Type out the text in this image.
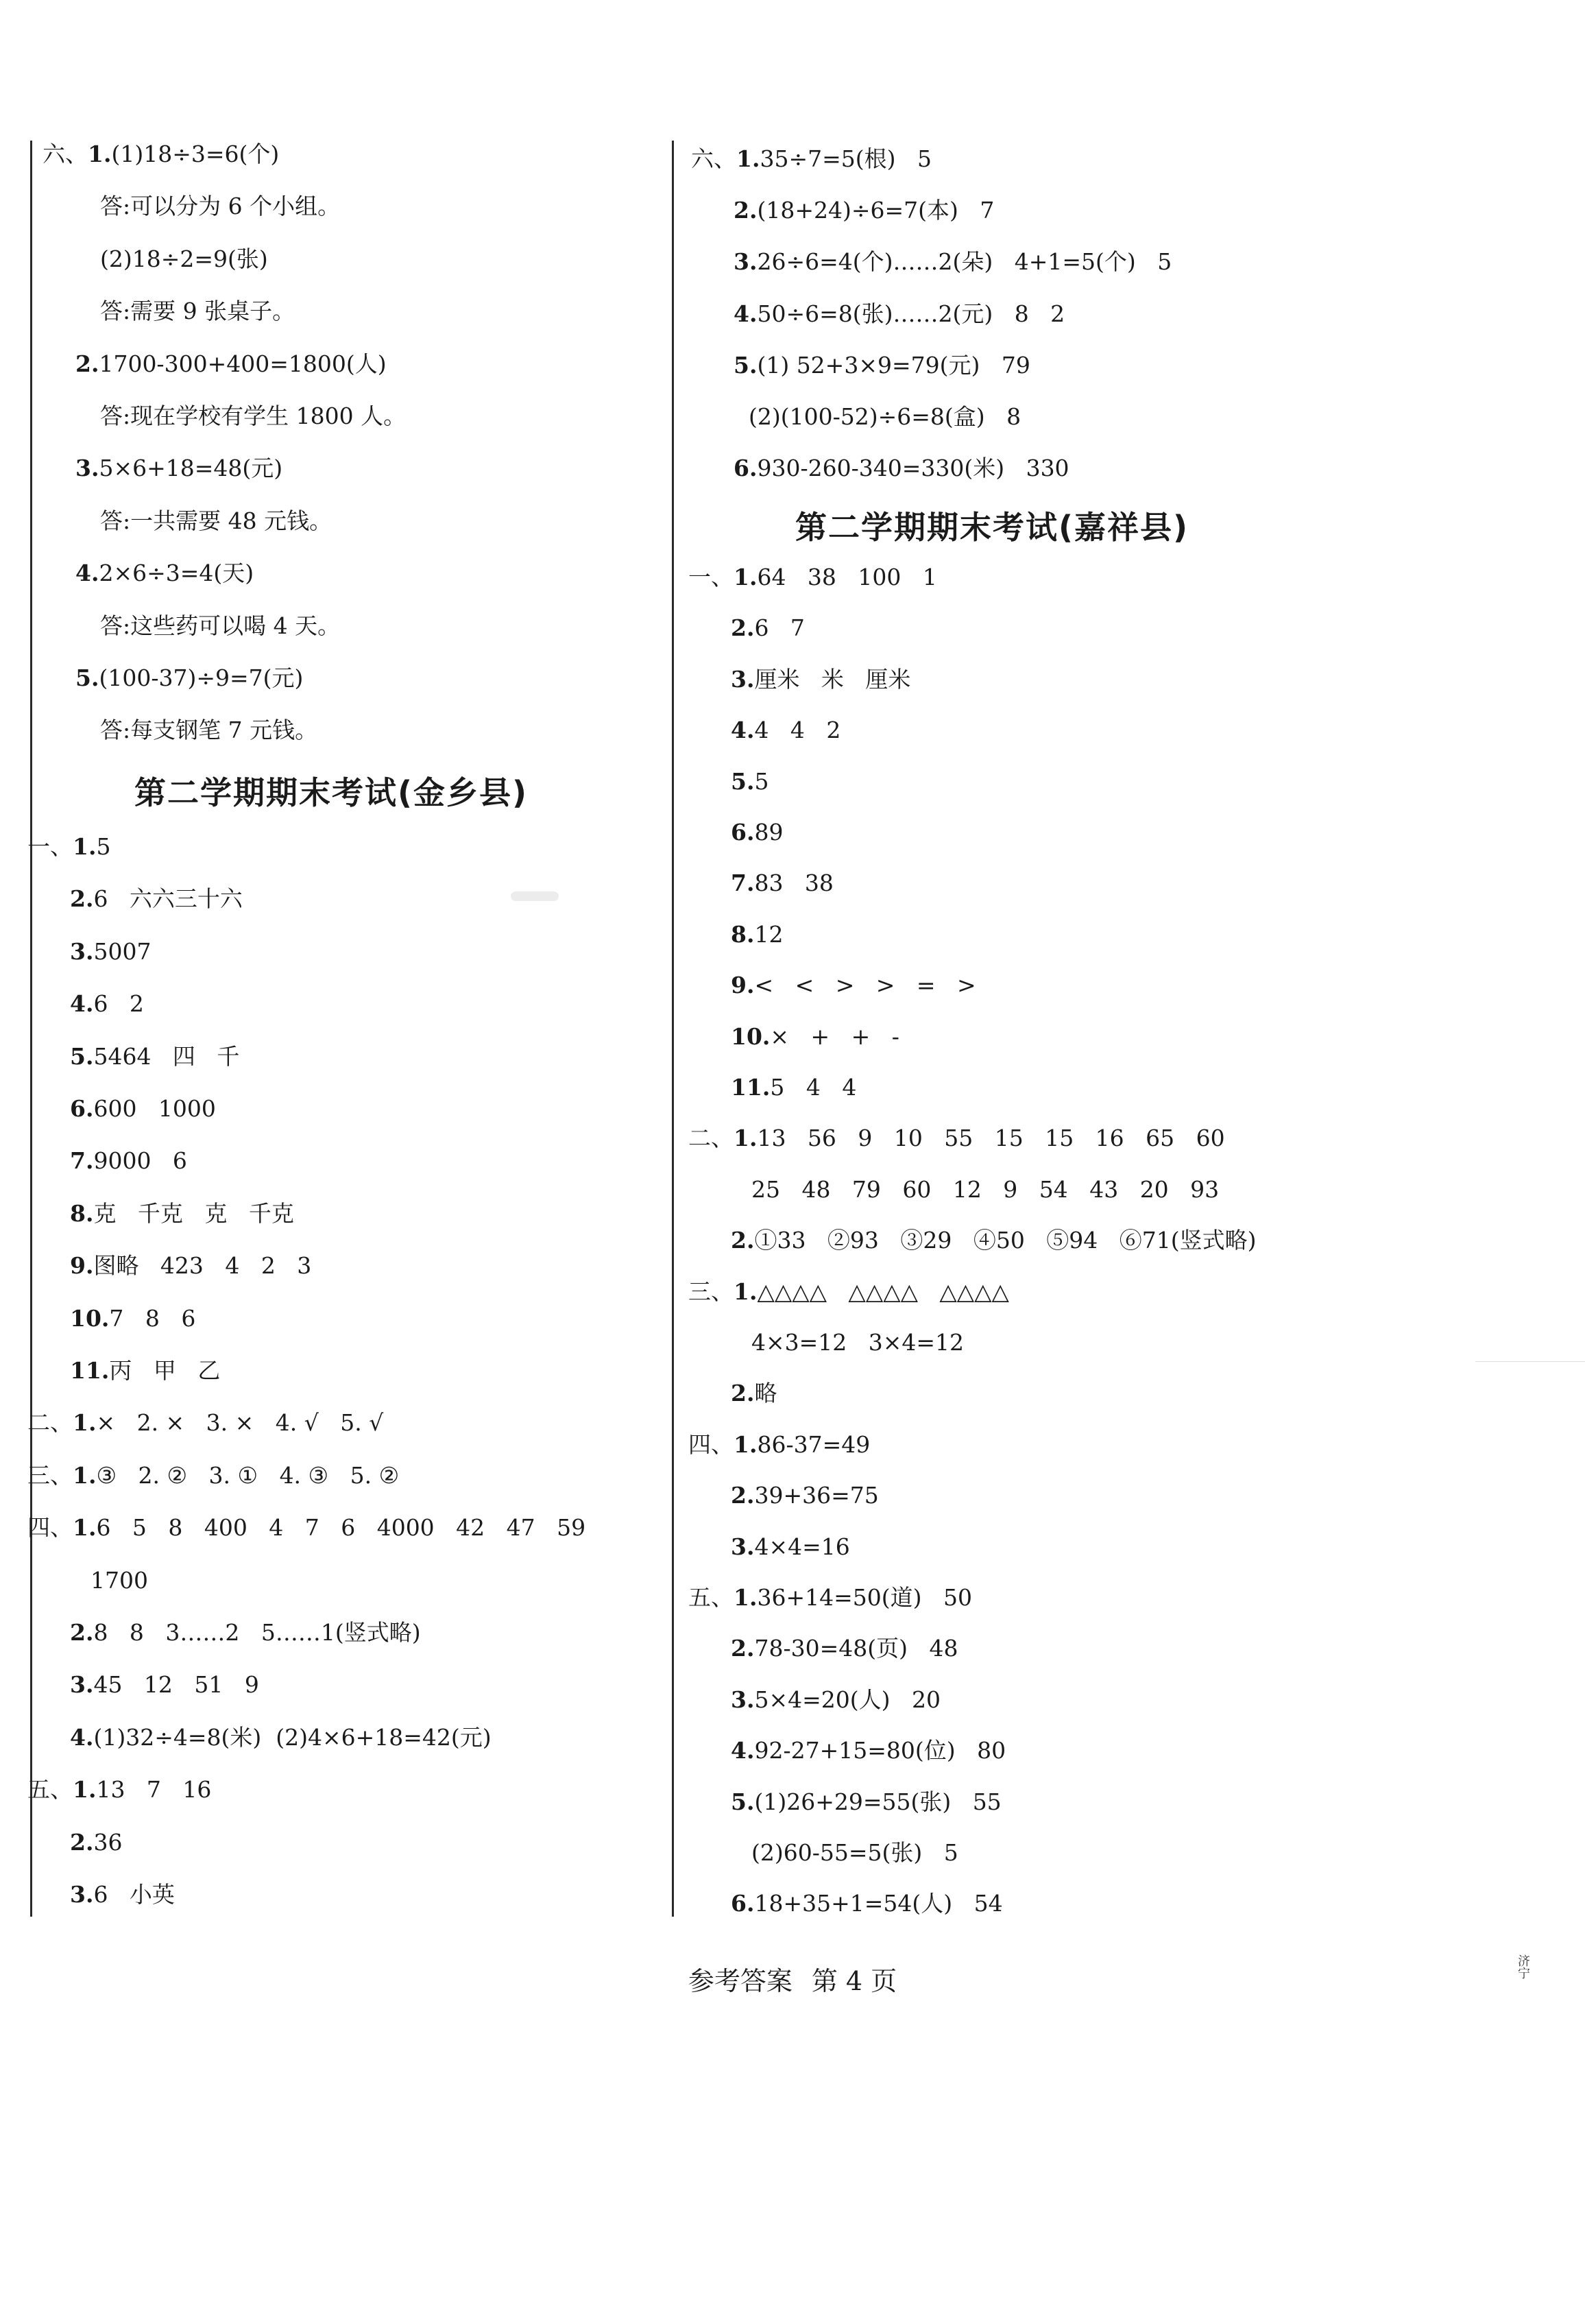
六、1.(1)18÷3=6(个)
答:可以分为 6 个小组。
(2)18÷2=9(张)
答:需要 9 张桌子。
2.1700-300+400=1800(人)
答:现在学校有学生 1800 人。
3.5×6+18=48(元)
答:一共需要 48 元钱。
4.2×6÷3=4(天)
答:这些药可以喝 4 天。
5.(100-37)÷9=7(元)
答:每支钢笔 7 元钱。
一、1.5
2.6   六六三十六
3.5007
4.6   2
5.5464   四   千
6.600   1000
7.9000   6
8.克   千克   克   千克
9.图略   423   4   2   3
10.7   8   6
11.丙   甲   乙
二、1.×   2. ×   3. ×   4. √   5. √
三、1.③   2. ②   3. ①   4. ③   5. ②
四、1.6   5   8   400   4   7   6   4000   42   47   59
1700
2.8   8   3……2   5……1(竖式略)
3.45   12   51   9
4.(1)32÷4=8(米)  (2)4×6+18=42(元)
五、1.13   7   16
2.36
3.6   小英
六、1.35÷7=5(根)   5
2.(18+24)÷6=7(本)   7
3.26÷6=4(个)……2(朵)   4+1=5(个)   5
4.50÷6=8(张)……2(元)   8   2
5.(1) 52+3×9=79(元)   79
(2)(100-52)÷6=8(盒)   8
6.930-260-340=330(米)   330
一、1.64   38   100   1
2.6   7
3.厘米   米   厘米
4.4   4   2
5.5
6.89
7.83   38
8.12
9.<   <   >   >   =   >
10.×   +   +   -
11.5   4   4
二、1.13   56   9   10   55   15   15   16   65   60
25   48   79   60   12   9   54   43   20   93
2.①33   ②93   ③29   ④50   ⑤94   ⑥71(竖式略)
三、1.△△△△   △△△△   △△△△
4×3=12   3×4=12
2.略
四、1.86-37=49
2.39+36=75
3.4×4=16
五、1.36+14=50(道)   50
2.78-30=48(页)   48
3.5×4=20(人)   20
4.92-27+15=80(位)   80
5.(1)26+29=55(张)   55
(2)60-55=5(张)   5
6.18+35+1=54(人)   54
第二学期期末考试(金乡县)
第二学期期末考试(嘉祥县)
参考答案 第 4 页	济宁
